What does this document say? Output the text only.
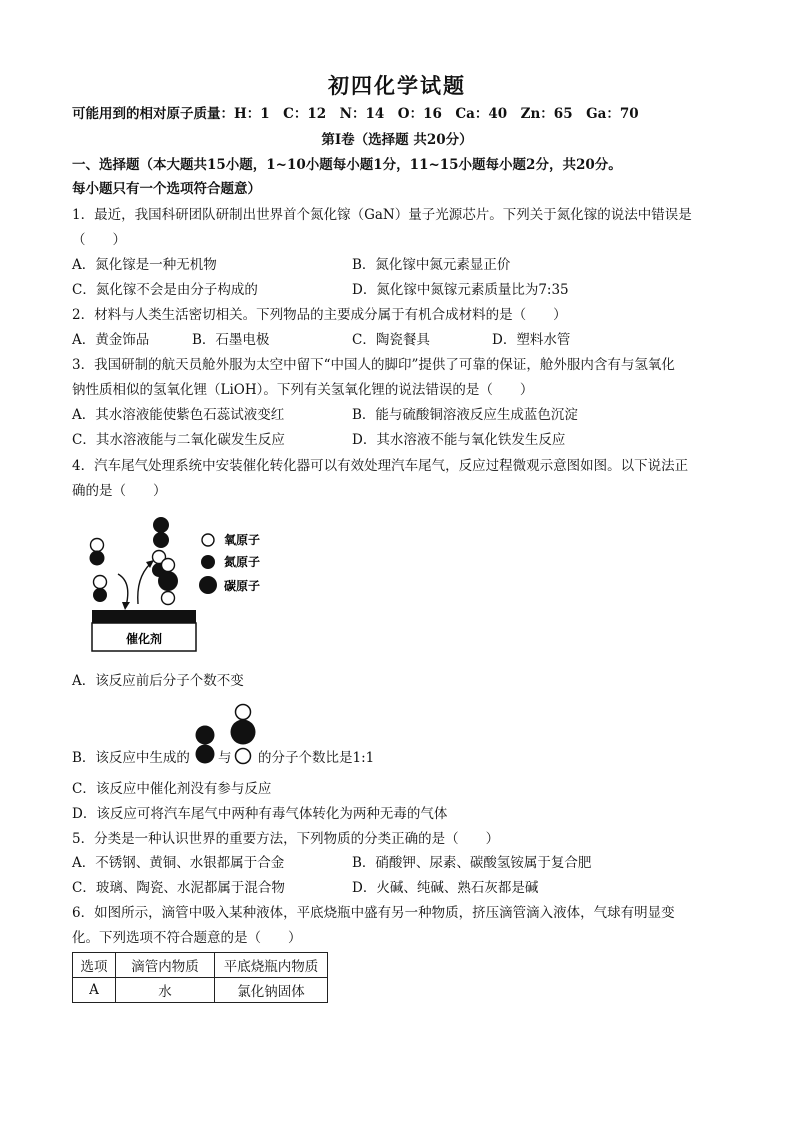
初四化学试题
可能用到的相对原子质量：H：1　C：12　N：14　O：16　Ca：40　Zn：65　Ga：70
第Ⅰ卷（选择题 共20分）
一、选择题（本大题共15小题，1~10小题每小题1分，11~15小题每小题2分，共20分。
每小题只有一个选项符合题意）
1．最近，我国科研团队研制出世界首个氮化镓（GaN）量子光源芯片。下列关于氮化镓的说法中错误是
（　　）
A．氮化镓是一种无机物	B．氮化镓中氮元素显正价
C．氮化镓不会是由分子构成的	D．氮化镓中氮镓元素质量比为7:35
2．材料与人类生活密切相关。下列物品的主要成分属于有机合成材料的是（　　）
A．黄金饰品	B．石墨电极	C．陶瓷餐具	D．塑料水管
3．我国研制的航天员舱外服为太空中留下“中国人的脚印”提供了可靠的保证，舱外服内含有与氢氧化
钠性质相似的氢氧化锂（LiOH）。下列有关氢氧化锂的说法错误的是（　　）
A．其水溶液能使紫色石蕊试液变红	B．能与硫酸铜溶液反应生成蓝色沉淀
C．其水溶液能与二氧化碳发生反应	D．其水溶液不能与氧化铁发生反应
4．汽车尾气处理系统中安装催化转化器可以有效处理汽车尾气，反应过程微观示意图如图。以下说法正
确的是（　　）
催化剂
氧原子
氮原子
碳原子
A．该反应前后分子个数不变
B．该反应中生成的 与 的分子个数比是1:1
C．该反应中催化剂没有参与反应
D．该反应可将汽车尾气中两种有毒气体转化为两种无毒的气体
5．分类是一种认识世界的重要方法，下列物质的分类正确的是（　　）
A．不锈钢、黄铜、水银都属于合金	B．硝酸钾、尿素、碳酸氢铵属于复合肥
C．玻璃、陶瓷、水泥都属于混合物	D．火碱、纯碱、熟石灰都是碱
6．如图所示，滴管中吸入某种液体，平底烧瓶中盛有另一种物质，挤压滴管滴入液体，气球有明显变
化。下列选项不符合题意的是（　　）
选项	滴管内物质	平底烧瓶内物质
A	水	氯化钠固体
